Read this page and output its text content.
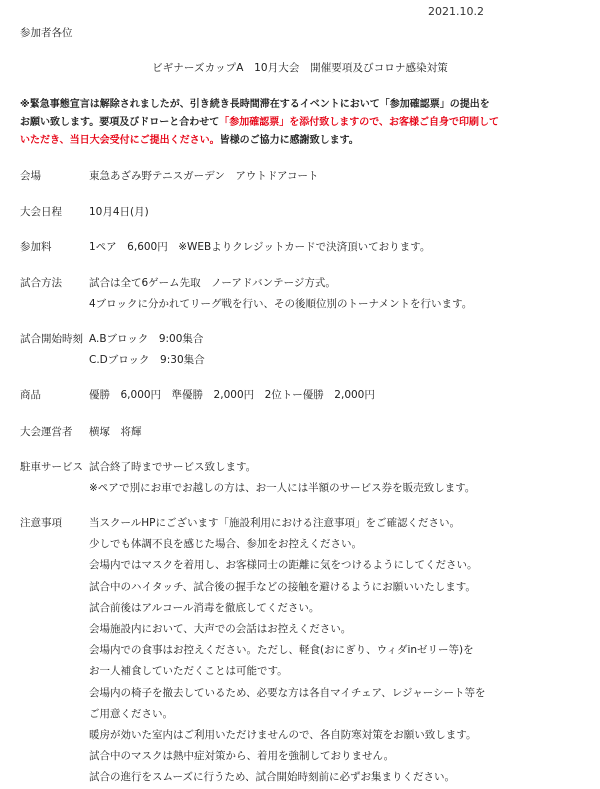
2021.10.2
参加者各位
ビギナーズカップA　10月大会　開催要項及びコロナ感染対策
※緊急事態宣言は解除されましたが、引き続き長時間滞在するイベントにおいて「参加確認票」の提出を
お願い致します。要項及びドローと合わせて「参加確認票」を添付致しますので、お客様ご自身で印刷して
いただき、当日大会受付にご提出ください。皆様のご協力に感謝致します。
会場	東急あざみ野テニスガーデン　アウトドアコート
大会日程	10月4日(月)
参加料	1ペア　6,600円　※WEBよりクレジットカードで決済頂いております。
試合方法	試合は全て6ゲーム先取　ノーアドバンテージ方式。
4ブロックに分かれてリーグ戦を行い、その後順位別のトーナメントを行います。
試合開始時刻 A.Bブロック　9:00集合
C.Dブロック　9:30集合
商品	優勝　6,000円　準優勝　2,000円　2位トー優勝　2,000円
大会運営者 横塚　将輝
駐車サービス 試合終了時までサービス致します。
※ペアで別にお車でお越しの方は、お一人には半額のサービス券を販売致します。
注意事項	当スクールHPにございます「施設利用における注意事項」をご確認ください。
少しでも体調不良を感じた場合、参加をお控えください。
会場内ではマスクを着用し、お客様同士の距離に気をつけるようにしてください。
試合中のハイタッチ、試合後の握手などの接触を避けるようにお願いいたします。
試合前後はアルコール消毒を徹底してください。
会場施設内において、大声での会話はお控えください。
会場内での食事はお控えください。ただし、軽食(おにぎり、ウィダinゼリー等)を
お一人補食していただくことは可能です。
会場内の椅子を撤去しているため、必要な方は各自マイチェア、レジャーシート等を
ご用意ください。
暖房が効いた室内はご利用いただけませんので、各自防寒対策をお願い致します。
試合中のマスクは熱中症対策から、着用を強制しておりません。
試合の進行をスムーズに行うため、試合開始時刻前に必ずお集まりください。
